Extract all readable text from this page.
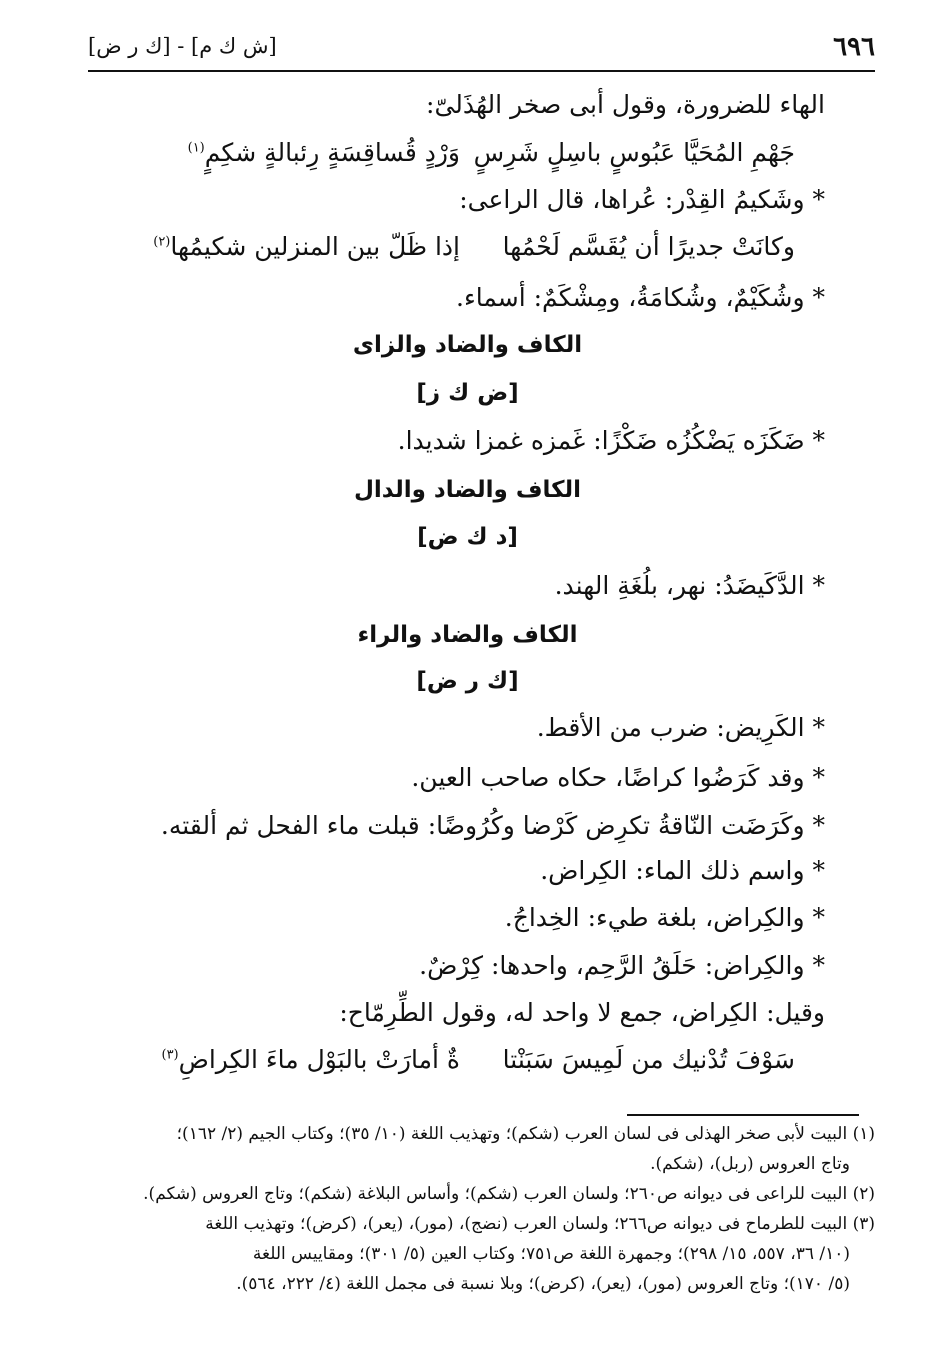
٦٩٦
[ش ك م] - [ك ر ض]
الهاء للضرورة، وقول أبى صخر الهُذَلىّ:
جَهْمِ المُحَيَّا عَبُوسٍ باسِلٍ شَرِسٍ
وَرْدٍ قُساقِسَةٍ رِئبالةٍ شكِمٍ$^{(١)}$
* وشَكيمُ القِدْر: عُراها، قال الراعى:
وكانَتْ جديرًا أن يُقَسَّم لَحْمُها
إذا ظَلّ بين المنزلين شكيمُها$^{(٢)}$
* وشُكَيْمٌ، وشُكامَةُ، ومِشْكَمٌ: أسماء.
الكاف والضاد والزاى
[ض ك ز]
* ضَكَزَه يَضْكُزُه ضَكْزًا: غَمزه غمزا شديدا.
الكاف والضاد والدال
[د ك ض]
* الدَّكَيضَدُ: نهر، بلُغَةِ الهند.
الكاف والضاد والراء
[ك ر ض]
* الكَرِيض: ضرب من الأقط.
* وقد كَرَضُوا كراضًا، حكاه صاحب العين.
* وكَرَضَت النّاقةُ تكرِض كَرْضا وكُرُوضًا: قبلت ماء الفحل ثم ألقته.
* واسم ذلك الماء: الكِراض.
* والكِراض، بلغة طيء: الخِداجُ.
* والكِراض: حَلَقُ الرَّحِم، واحدها: كِرْضٌ.
وقيل: الكِراض، جمع لا واحد له، وقول الطِّرِمّاح:
سَوْفَ تُدْنيك من لَمِيسَ سَبَنْتا
ةٌ أمارَتْ بالبَوْل ماءَ الكِراضِ$^{(٣)}$
(١) البيت لأبى صخر الهذلى فى لسان العرب (شكم)؛ وتهذيب اللغة (١٠/ ٣٥)؛ وكتاب الجيم (٢/ ١٦٢)؛
وتاج العروس (ربل)، (شكم).
(٢) البيت للراعى فى ديوانه ص٢٦٠؛ ولسان العرب (شكم)؛ وأساس البلاغة (شكم)؛ وتاج العروس (شكم).
(٣) البيت للطرماح فى ديوانه ص٢٦٦؛ ولسان العرب (نضج)، (مور)، (يعر)، (كرض)؛ وتهذيب اللغة
(١٠/ ٣٦، ٥٥٧، ١٥/ ٢٩٨)؛ وجمهرة اللغة ص٧٥١؛ وكتاب العين (٥/ ٣٠١)؛ ومقاييس اللغة
(٥/ ١٧٠)؛ وتاج العروس (مور)، (يعر)، (كرض)؛ وبلا نسبة فى مجمل اللغة (٤/ ٢٢٢، ٥٦٤).
